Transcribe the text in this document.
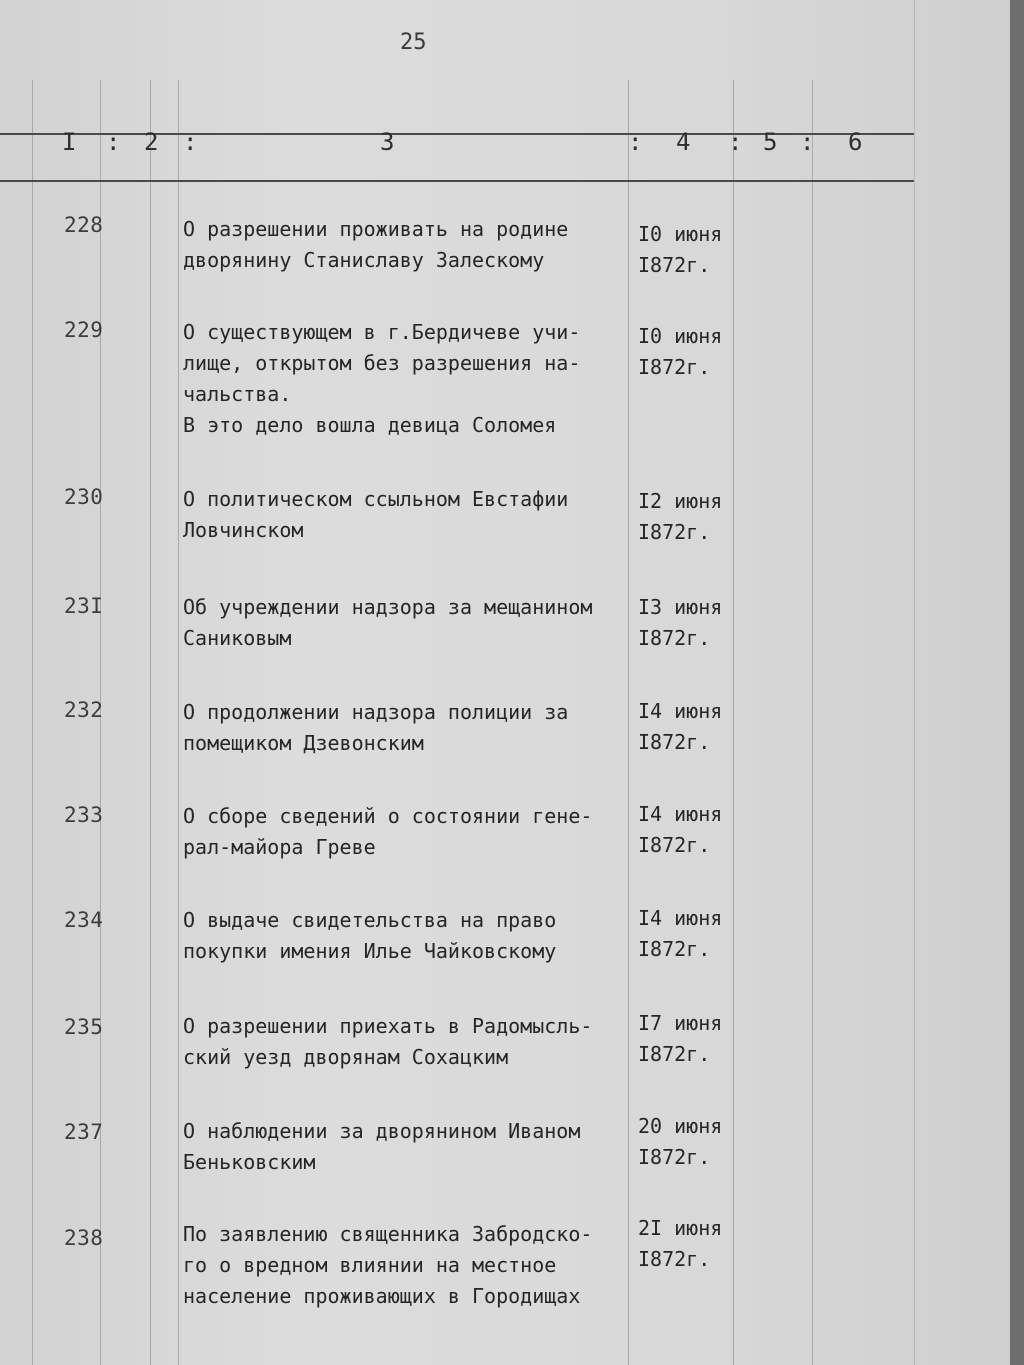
25
I : 2 :	3	: 4 : 5 : 6
228	О разрешении проживать на родине
дворянину Станиславу Залескому
I0 июня
I872г.
229	О существующем в г.Бердичеве учи-
лище, открытом без разрешения на-
чальства.
В это дело вошла девица Соломея
I0 июня
I872г.
230	О политическом ссыльном Евстафии
Ловчинском
I2 июня
I872г.
23I	Об учреждении надзора за мещанином
Саниковым
I3 июня
I872г.
232	О продолжении надзора полиции за
помещиком Дзевонским
I4 июня
I872г.
233	О сборе сведений о состоянии гене-
рал-майора Греве
I4 июня
I872г.
234	О выдаче свидетельства на право
покупки имения Илье Чайковскому
I4 июня
I872г.
235	О разрешении приехать в Радомысль-
ский уезд дворянам Сохацким
I7 июня
I872г.
237	О наблюдении за дворянином Иваном
Беньковским
20 июня
I872г.
238	По заявлению священника Забродско-
го о вредном влиянии на местное
население проживающих в Городищах
2I июня
I872г.
